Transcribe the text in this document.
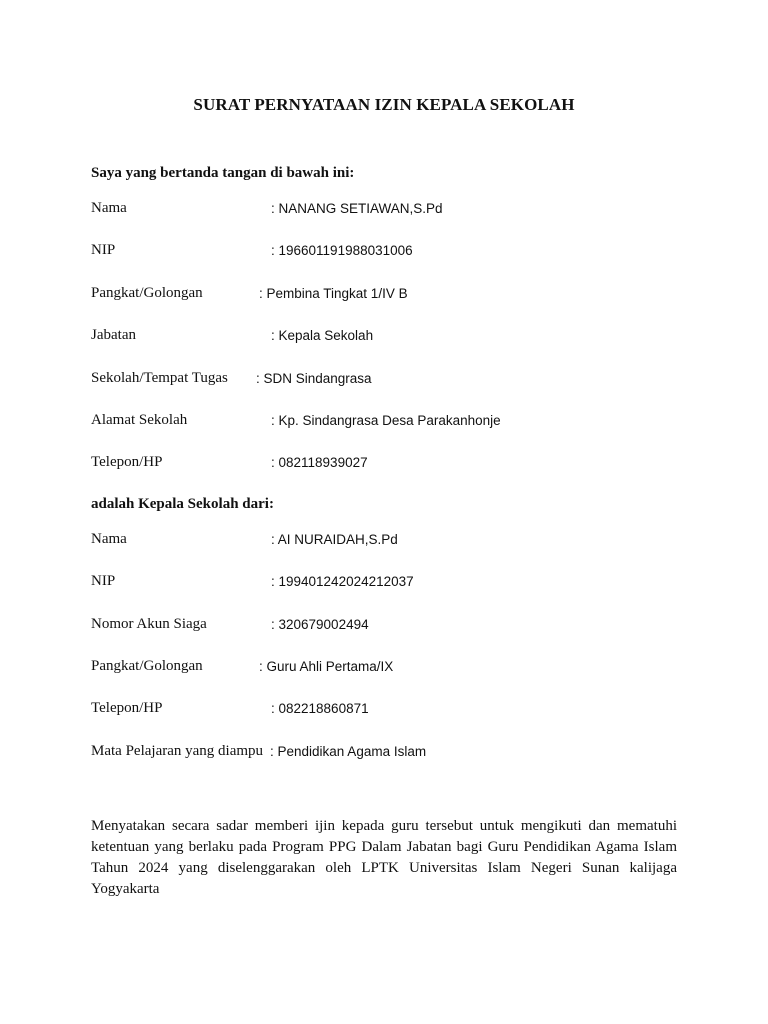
SURAT PERNYATAAN IZIN KEPALA SEKOLAH
Saya yang bertanda tangan di bawah ini:
Nama	: NANANG SETIAWAN,S.Pd
NIP	: 196601191988031006
Pangkat/Golongan	: Pembina Tingkat 1/IV B
Jabatan	: Kepala Sekolah
Sekolah/Tempat Tugas : SDN Sindangrasa
Alamat Sekolah	: Kp. Sindangrasa Desa Parakanhonje
Telepon/HP	: 082118939027
adalah Kepala Sekolah dari:
Nama	: AI NURAIDAH,S.Pd
NIP	: 199401242024212037
Nomor Akun Siaga	: 320679002494
Pangkat/Golongan	: Guru Ahli Pertama/IX
Telepon/HP	: 082218860871
Mata Pelajaran yang diampu : Pendidikan Agama Islam
Menyatakan secara sadar memberi ijin kepada guru tersebut untuk mengikuti dan mematuhi ketentuan yang berlaku pada Program PPG Dalam Jabatan bagi Guru Pendidikan Agama Islam Tahun 2024 yang diselenggarakan oleh LPTK Universitas Islam Negeri Sunan kalijaga Yogyakarta
